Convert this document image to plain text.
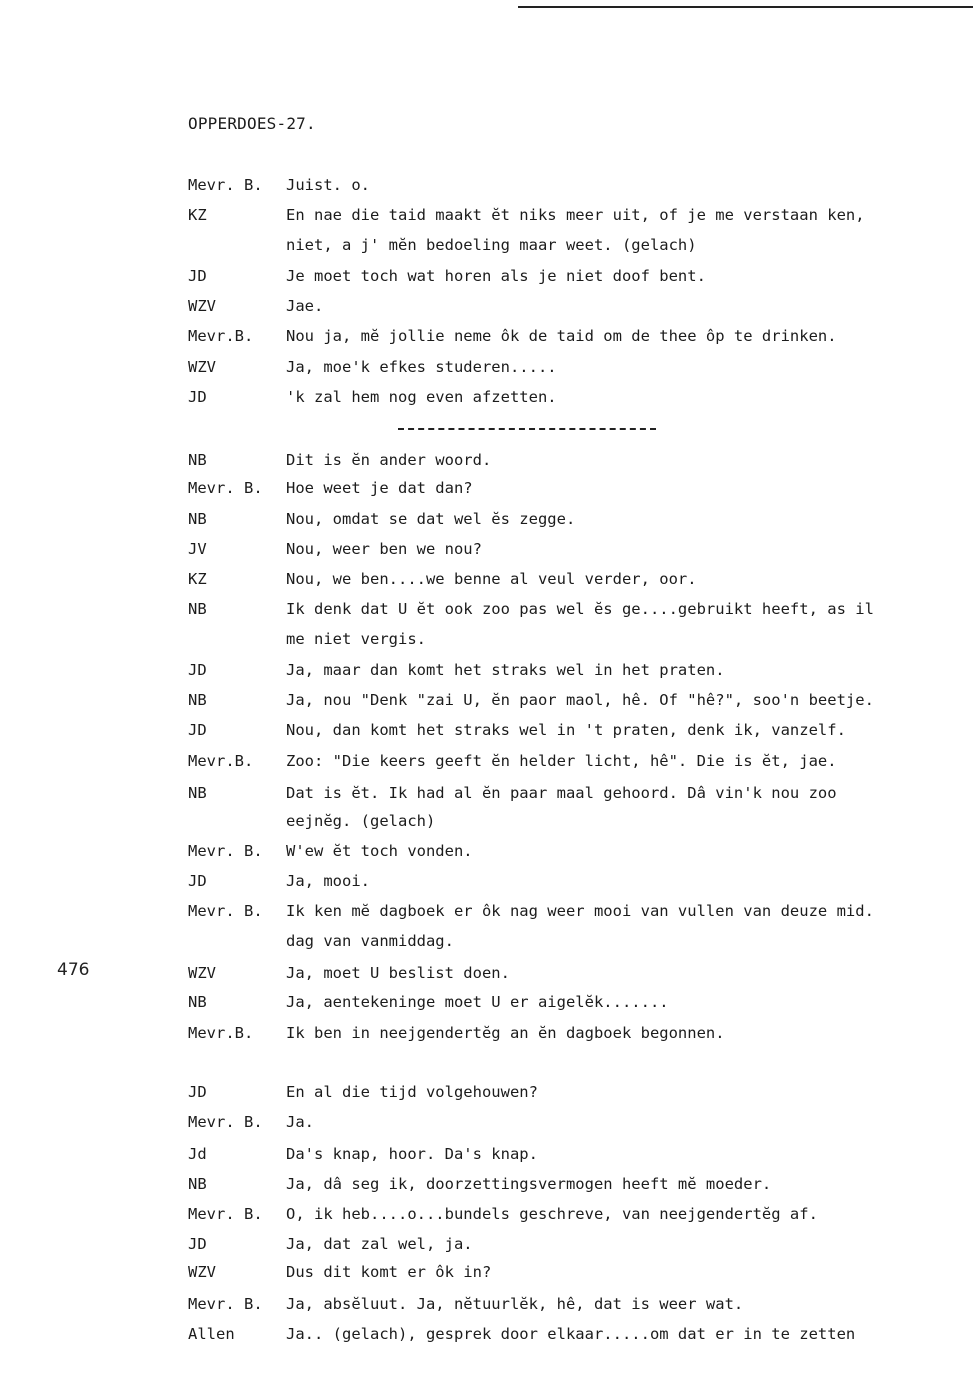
OPPERDOES-27.
476
Mevr. B. Juist. o.
KZ	En nae die taid maakt ĕt niks meer uit, of je me verstaan ken,
niet, a j' mĕn bedoeling maar weet. (gelach)
JD	Je moet toch wat horen als je niet doof bent.
WZV	Jae.
Mevr.B. Nou ja, mĕ jollie neme ôk de taid om de thee ôp te drinken.
WZV	Ja, moe'k efkes studeren.....
JD	'k zal hem nog even afzetten.
NB	Dit is ĕn ander woord.
Mevr. B. Hoe weet je dat dan?
NB	Nou, omdat se dat wel ĕs zegge.
JV	Nou, weer ben we nou?
KZ	Nou, we ben....we benne al veul verder, oor.
NB	Ik denk dat U ĕt ook zoo pas wel ĕs ge....gebruikt heeft, as il
me niet vergis.
JD	Ja, maar dan komt het straks wel in het praten.
NB	Ja, nou "Denk "zai U, ĕn paor maol, hê. Of "hê?", soo'n beetje.
JD	Nou, dan komt het straks wel in 't praten, denk ik, vanzelf.
Mevr.B. Zoo: "Die keers geeft ĕn helder licht, hê". Die is ĕt, jae.
NB	Dat is ĕt. Ik had al ĕn paar maal gehoord. Dâ vin'k nou zoo
eejnĕg. (gelach)
Mevr. B. W'ew ĕt toch vonden.
JD	Ja, mooi.
Mevr. B. Ik ken mĕ dagboek er ôk nag weer mooi van vullen van deuze mid.
dag van vanmiddag.
WZV	Ja, moet U beslist doen.
NB	Ja, aentekeninge moet U er aigelĕk.......
Mevr.B. Ik ben in neejgendertĕg an ĕn dagboek begonnen.
JD	En al die tijd volgehouwen?
Mevr. B. Ja.
Jd	Da's knap, hoor. Da's knap.
NB	Ja, dâ seg ik, doorzettingsvermogen heeft mĕ moeder.
Mevr. B. O, ik heb....o...bundels geschreve, van neejgendertĕg af.
JD	Ja, dat zal wel, ja.
WZV	Dus dit komt er ôk in?
Mevr. B. Ja, absĕluut. Ja, nĕtuurlĕk, hê, dat is weer wat.
Allen	Ja.. (gelach), gesprek door elkaar.....om dat er in te zetten
